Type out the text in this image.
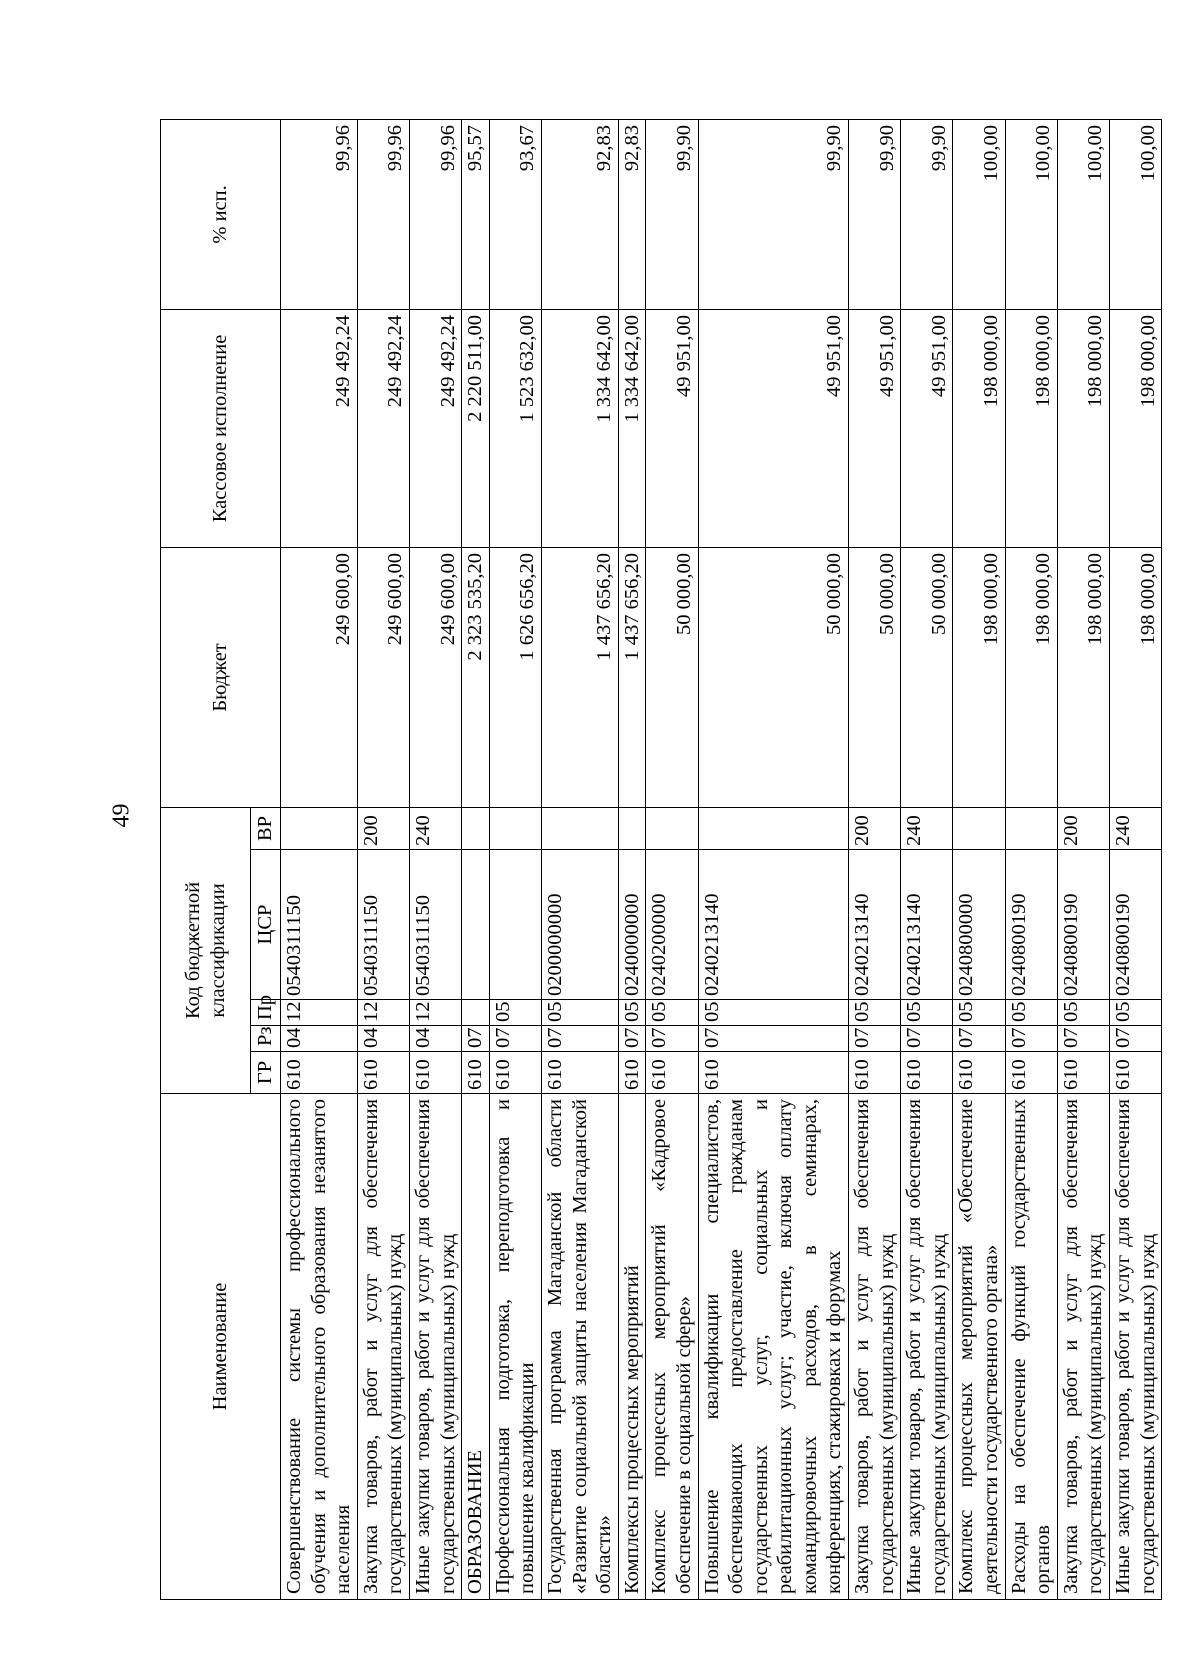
49
Наименование	Код бюджетной классификации					Бюджет	Кассовое исполнение	% исп.
	ГР	Рз	Пр	ЦСР	ВР			
Совершенствование системы профессионального обучения и дополнительного образования незанятого населения	610	04	12	0540311150		249 600,00	249 492,24	99,96
Закупка товаров, работ и услуг для обеспечения государственных (муниципальных) нужд	610	04	12	0540311150	200	249 600,00	249 492,24	99,96
Иные закупки товаров, работ и услуг для обеспечения государственных (муниципальных) нужд	610	04	12	0540311150	240	249 600,00	249 492,24	99,96
ОБРАЗОВАНИЕ	610	07				2 323 535,20	2 220 511,00	95,57
Профессиональная подготовка, переподготовка и повышение квалификации	610	07	05			1 626 656,20	1 523 632,00	93,67
Государственная программа Магаданской области «Развитие социальной защиты населения Магаданской области»	610	07	05	0200000000		1 437 656,20	1 334 642,00	92,83
Комплексы процессных мероприятий	610	07	05	0240000000		1 437 656,20	1 334 642,00	92,83
Комплекс процессных мероприятий «Кадровое обеспечение в социальной сфере»	610	07	05	0240200000		50 000,00	49 951,00	99,90
Повышение квалификации специалистов, обеспечивающих предоставление гражданам государственных услуг, социальных и реабилитационных услуг; участие, включая оплату командировочных расходов, в семинарах, конференциях, стажировках и форумах	610	07	05	0240213140		50 000,00	49 951,00	99,90
Закупка товаров, работ и услуг для обеспечения государственных (муниципальных) нужд	610	07	05	0240213140	200	50 000,00	49 951,00	99,90
Иные закупки товаров, работ и услуг для обеспечения государственных (муниципальных) нужд	610	07	05	0240213140	240	50 000,00	49 951,00	99,90
Комплекс процессных мероприятий «Обеспечение деятельности государственного органа»	610	07	05	0240800000		198 000,00	198 000,00	100,00
Расходы на обеспечение функций государственных органов	610	07	05	0240800190		198 000,00	198 000,00	100,00
Закупка товаров, работ и услуг для обеспечения государственных (муниципальных) нужд	610	07	05	0240800190	200	198 000,00	198 000,00	100,00
Иные закупки товаров, работ и услуг для обеспечения государственных (муниципальных) нужд	610	07	05	0240800190	240	198 000,00	198 000,00	100,00
